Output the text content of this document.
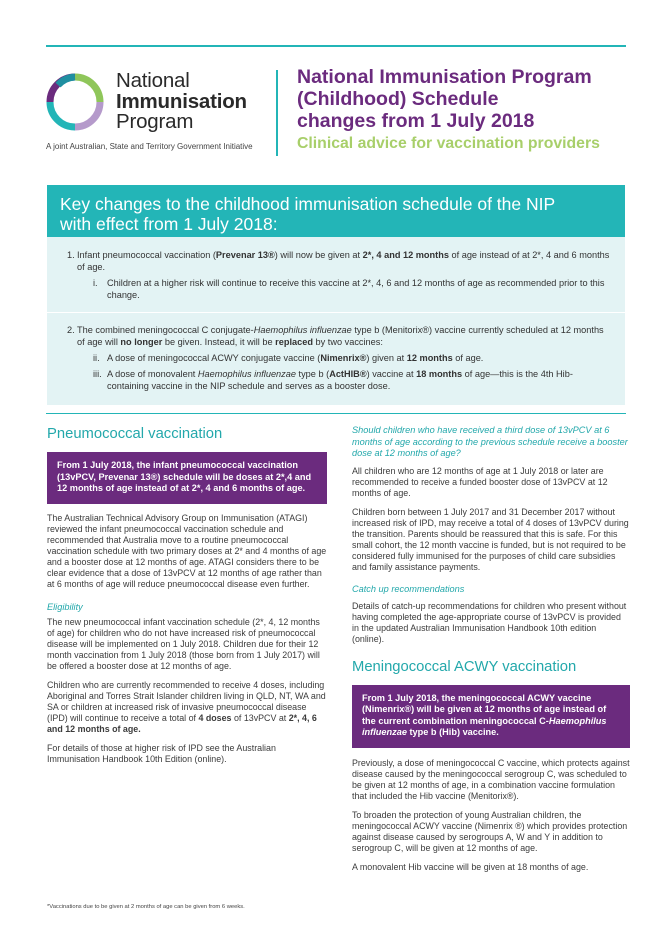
National
Immunisation
Program
A joint Australian, State and Territory Government Initiative
National Immunisation Program
(Childhood) Schedule
changes from 1 July 2018
Clinical advice for vaccination providers
Key changes to the childhood immunisation schedule of the NIP
with effect from 1 July 2018:
1. Infant pneumococcal vaccination (Prevenar 13®) will now be given at 2*, 4 and 12 months of age instead of at 2*, 4 and 6 months of age.
i. Children at a higher risk will continue to receive this vaccine at 2*, 4, 6 and 12 months of age as recommended prior to this change.
2. The combined meningococcal C conjugate-Haemophilus influenzae type b (Menitorix®) vaccine currently scheduled at 12 months of age will no longer be given. Instead, it will be replaced by two vaccines:
ii. A dose of meningococcal ACWY conjugate vaccine (Nimenrix®) given at 12 months of age.
iii. A dose of monovalent Haemophilus influenzae type b (ActHIB®) vaccine at 18 months of age—this is the 4th Hib-containing vaccine in the NIP schedule and serves as a booster dose.
Pneumococcal vaccination
From 1 July 2018, the infant pneumococcal vaccination (13vPCV, Prevenar 13®) schedule will be doses at 2*,4 and 12 months of age instead of at 2*, 4 and 6 months of age.

The Australian Technical Advisory Group on Immunisation (ATAGI) reviewed the infant pneumococcal vaccination schedule and recommended that Australia move to a routine pneumococcal vaccination schedule with two primary doses at 2* and 4 months of age and a booster dose at 12 months of age. ATAGI considers there to be clear evidence that a dose of 13vPCV at 12 months of age rather than at 6 months of age will reduce pneumococcal disease even further.

Eligibility

The new pneumococcal infant vaccination schedule (2*, 4, 12 months of age) for children who do not have increased risk of pneumococcal disease will be implemented on 1 July 2018. Children due for their 12 month vaccination from 1 July 2018 (those born from 1 July 2017) will be offered a booster dose at 12 months of age.

Children who are currently recommended to receive 4 doses, including Aboriginal and Torres Strait Islander children living in QLD, NT, WA and SA or children at increased risk of invasive pneumococcal disease (IPD) will continue to receive a total of 4 doses of 13vPCV at 2*, 4, 6 and 12 months of age.

For details of those at higher risk of IPD see the Australian Immunisation Handbook 10th Edition (online).

Should children who have received a third dose of 13vPCV at 6 months of age according to the previous schedule receive a booster dose at 12 months of age?

All children who are 12 months of age at 1 July 2018 or later are recommended to receive a funded booster dose of 13vPCV at 12 months of age.

Children born between 1 July 2017 and 31 December 2017 without increased risk of IPD, may receive a total of 4 doses of 13vPCV during the transition. Parents should be reassured that this is safe. For this small cohort, the 12 month vaccine is funded, but is not required to be considered fully immunised for the purposes of child care subsidies and family assistance payments.

Catch up recommendations

Details of catch-up recommendations for children who present without having completed the age-appropriate course of 13vPCV is provided in the updated Australian Immunisation Handbook 10th edition (online).

Meningococcal ACWY vaccination
From 1 July 2018, the meningococcal ACWY vaccine (Nimenrix®) will be given at 12 months of age instead of the current combination meningococcal C-Haemophilus influenzae type b (Hib) vaccine.

Previously, a dose of meningococcal C vaccine, which protects against disease caused by the meningococcal serogroup C, was scheduled to be given at 12 months of age, in a combination vaccine formulation that included the Hib vaccine (Menitorix®).

To broaden the protection of young Australian children, the meningococcal ACWY vaccine (Nimenrix ®) which provides protection against disease caused by serogroups A, W and Y in addition to serogroup C, will be given at 12 months of age.

A monovalent Hib vaccine will be given at 18 months of age.

*Vaccinations due to be given at 2 months of age can be given from 6 weeks.
